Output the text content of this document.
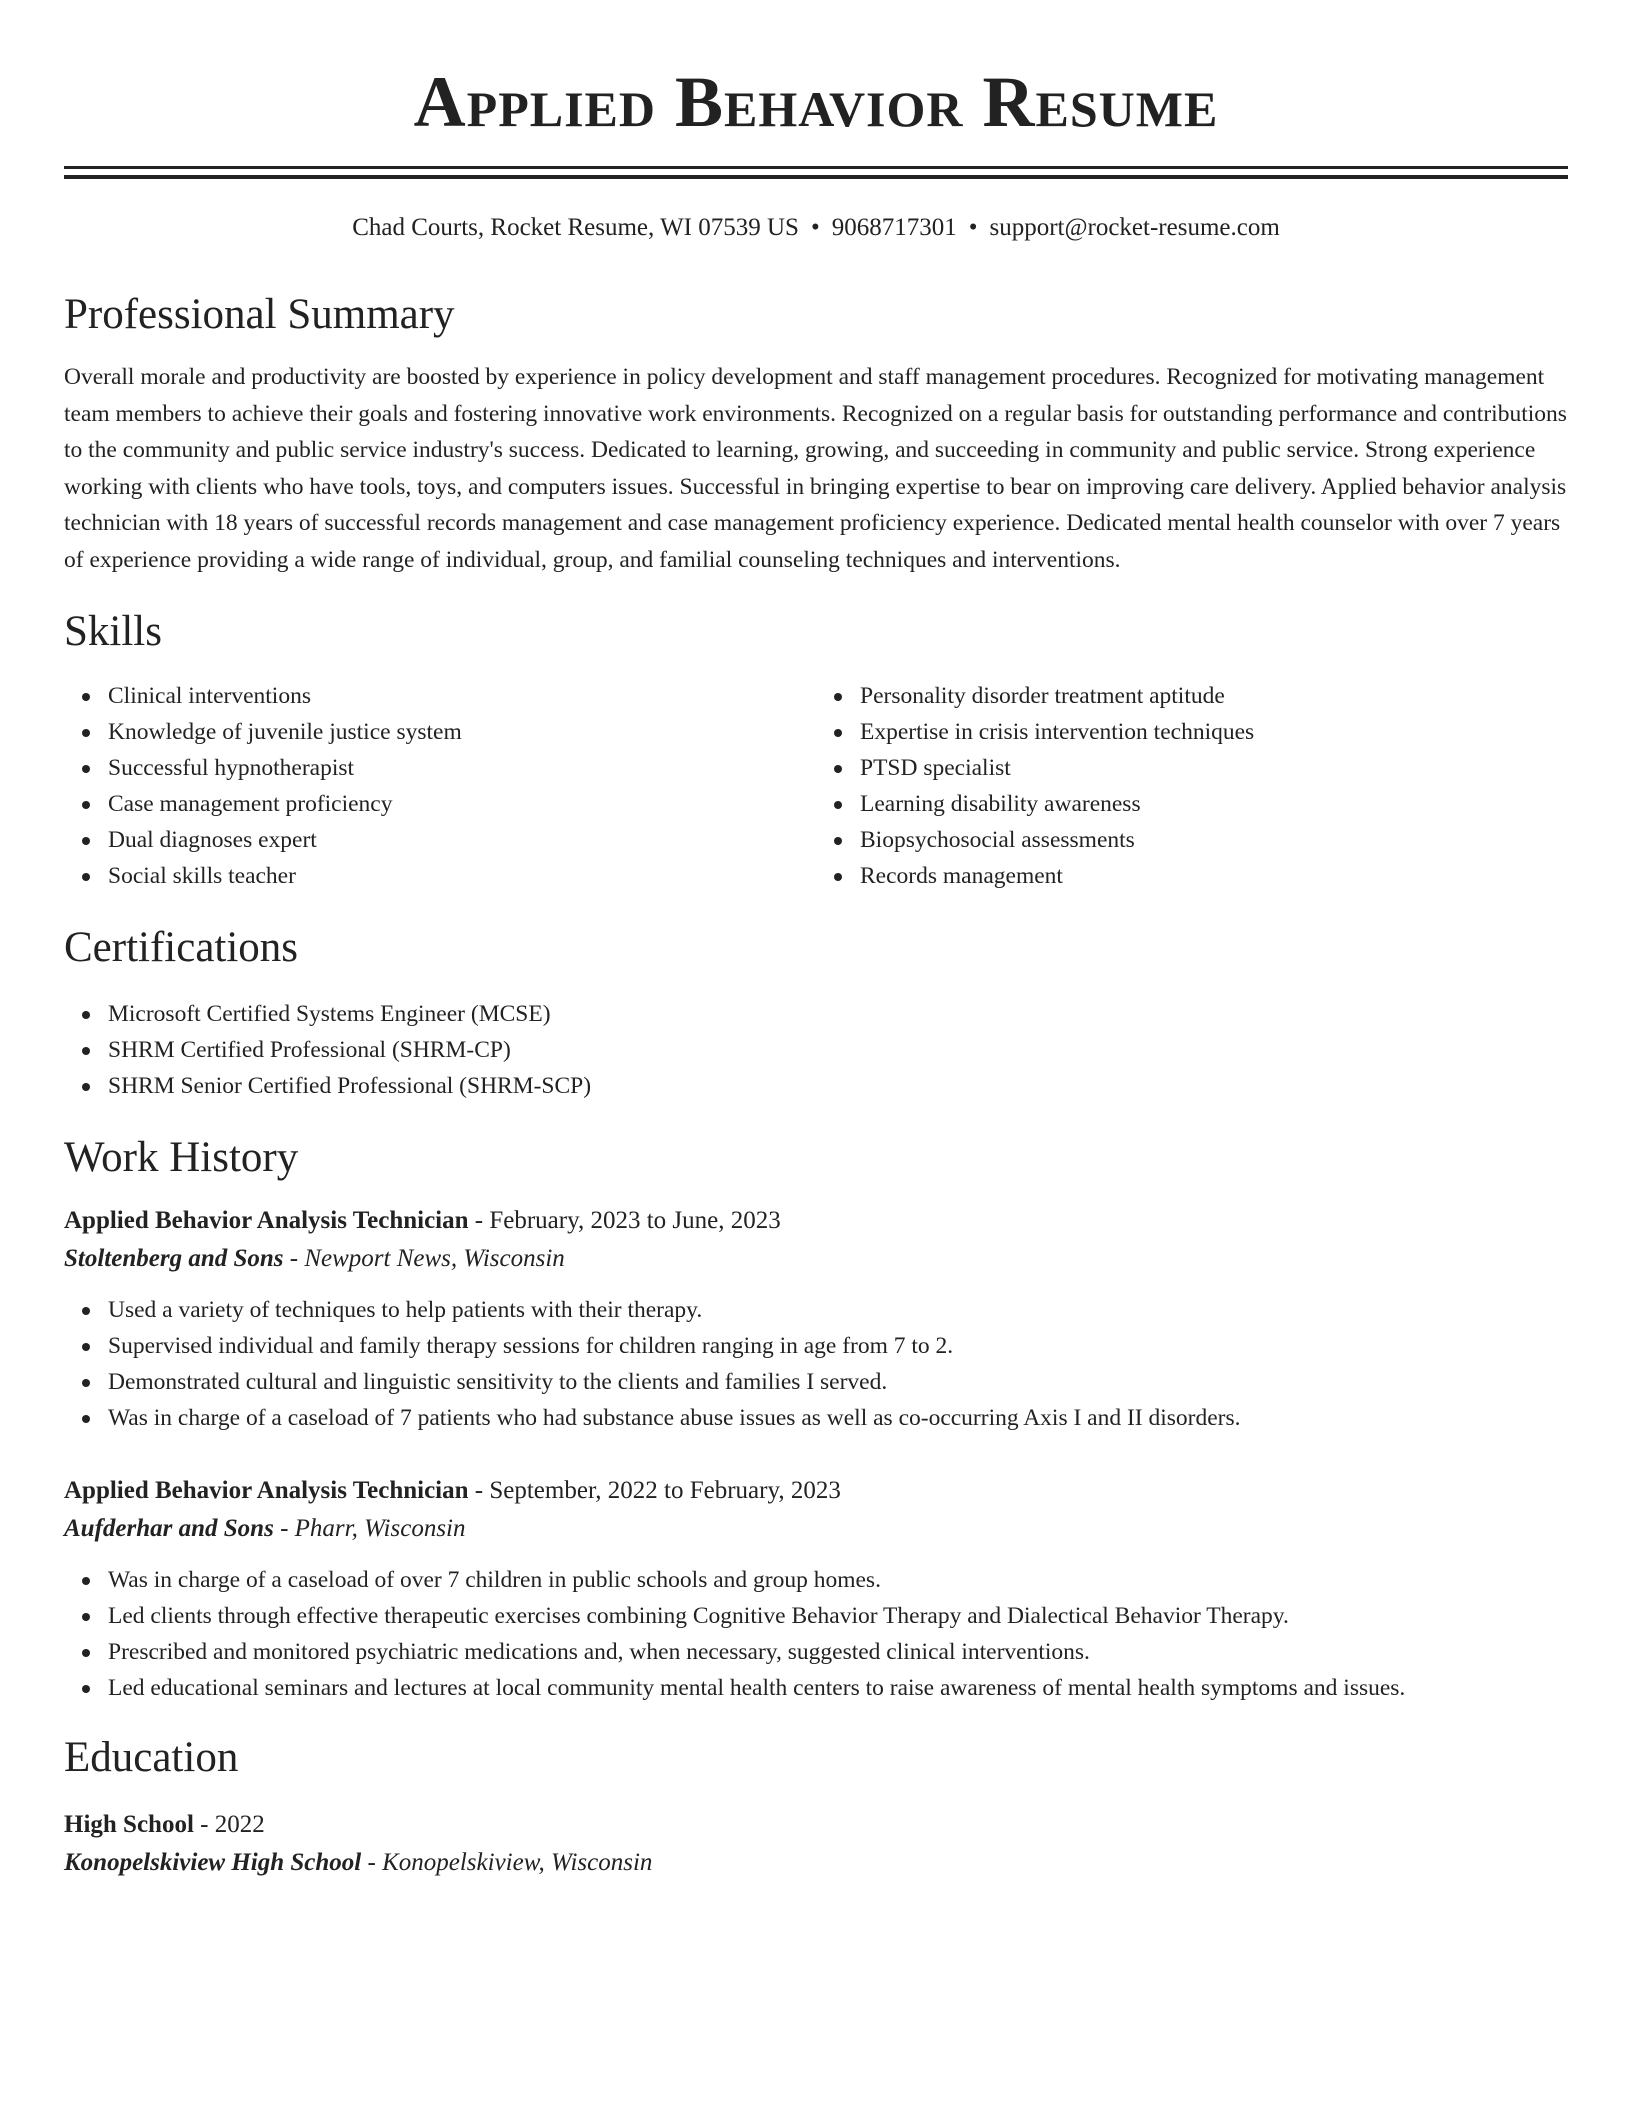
Applied Behavior Resume
Chad Courts, Rocket Resume, WI 07539 US • 9068717301 • support@rocket-resume.com
Professional Summary

Overall morale and productivity are boosted by experience in policy development and staff management procedures. Recognized for motivating management team members to achieve their goals and fostering innovative work environments. Recognized on a regular basis for outstanding performance and contributions to the community and public service industry's success. Dedicated to learning, growing, and succeeding in community and public service. Strong experience working with clients who have tools, toys, and computers issues. Successful in bringing expertise to bear on improving care delivery. Applied behavior analysis technician with 18 years of successful records management and case management proficiency experience. Dedicated mental health counselor with over 7 years of experience providing a wide range of individual, group, and familial counseling techniques and interventions.

Skills
Clinical interventions
Knowledge of juvenile justice system
Successful hypnotherapist
Case management proficiency
Dual diagnoses expert
Social skills teacher
Personality disorder treatment aptitude
Expertise in crisis intervention techniques
PTSD specialist
Learning disability awareness
Biopsychosocial assessments
Records management
Certifications
Microsoft Certified Systems Engineer (MCSE)
SHRM Certified Professional (SHRM-CP)
SHRM Senior Certified Professional (SHRM-SCP)
Work History
Applied Behavior Analysis Technician - February, 2023 to June, 2023
Stoltenberg and Sons - Newport News, Wisconsin
Used a variety of techniques to help patients with their therapy.
Supervised individual and family therapy sessions for children ranging in age from 7 to 2.
Demonstrated cultural and linguistic sensitivity to the clients and families I served.
Was in charge of a caseload of 7 patients who had substance abuse issues as well as co-occurring Axis I and II disorders.
Applied Behavior Analysis Technician - September, 2022 to February, 2023
Aufderhar and Sons - Pharr, Wisconsin
Was in charge of a caseload of over 7 children in public schools and group homes.
Led clients through effective therapeutic exercises combining Cognitive Behavior Therapy and Dialectical Behavior Therapy.
Prescribed and monitored psychiatric medications and, when necessary, suggested clinical interventions.
Led educational seminars and lectures at local community mental health centers to raise awareness of mental health symptoms and issues.
Education
High School - 2022
Konopelskiview High School - Konopelskiview, Wisconsin
